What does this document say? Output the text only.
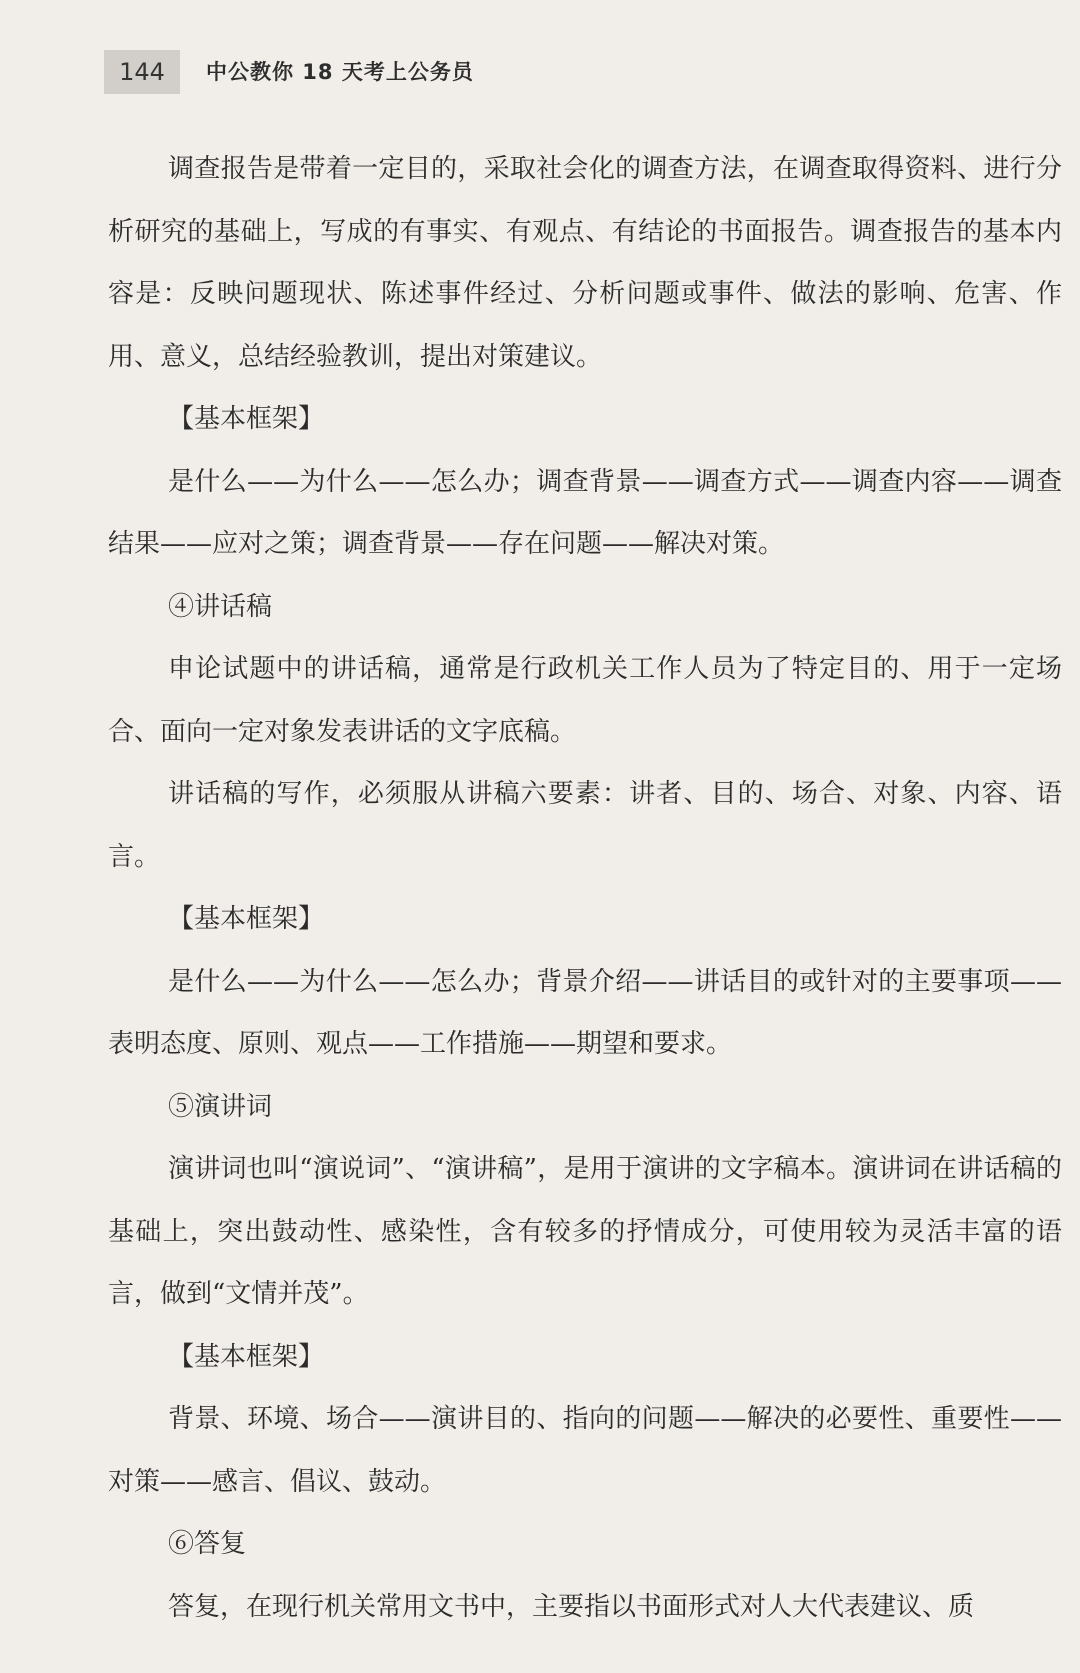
144	中公教你 18 天考上公务员

调查报告是带着一定目的，采取社会化的调查方法，在调查取得资料、进行分析研究的基础上，写成的有事实、有观点、有结论的书面报告。调查报告的基本内容是：反映问题现状、陈述事件经过、分析问题或事件、做法的影响、危害、作用、意义，总结经验教训，提出对策建议。

【基本框架】

是什么——为什么——怎么办；调查背景——调查方式——调查内容——调查结果——应对之策；调查背景——存在问题——解决对策。

④讲话稿

申论试题中的讲话稿，通常是行政机关工作人员为了特定目的、用于一定场合、面向一定对象发表讲话的文字底稿。

讲话稿的写作，必须服从讲稿六要素：讲者、目的、场合、对象、内容、语言。

【基本框架】

是什么——为什么——怎么办；背景介绍——讲话目的或针对的主要事项——表明态度、原则、观点——工作措施——期望和要求。

⑤演讲词

演讲词也叫“演说词”、“演讲稿”，是用于演讲的文字稿本。演讲词在讲话稿的基础上，突出鼓动性、感染性，含有较多的抒情成分，可使用较为灵活丰富的语言，做到“文情并茂”。

【基本框架】

背景、环境、场合——演讲目的、指向的问题——解决的必要性、重要性——对策——感言、倡议、鼓动。

⑥答复

答复，在现行机关常用文书中，主要指以书面形式对人大代表建议、质
